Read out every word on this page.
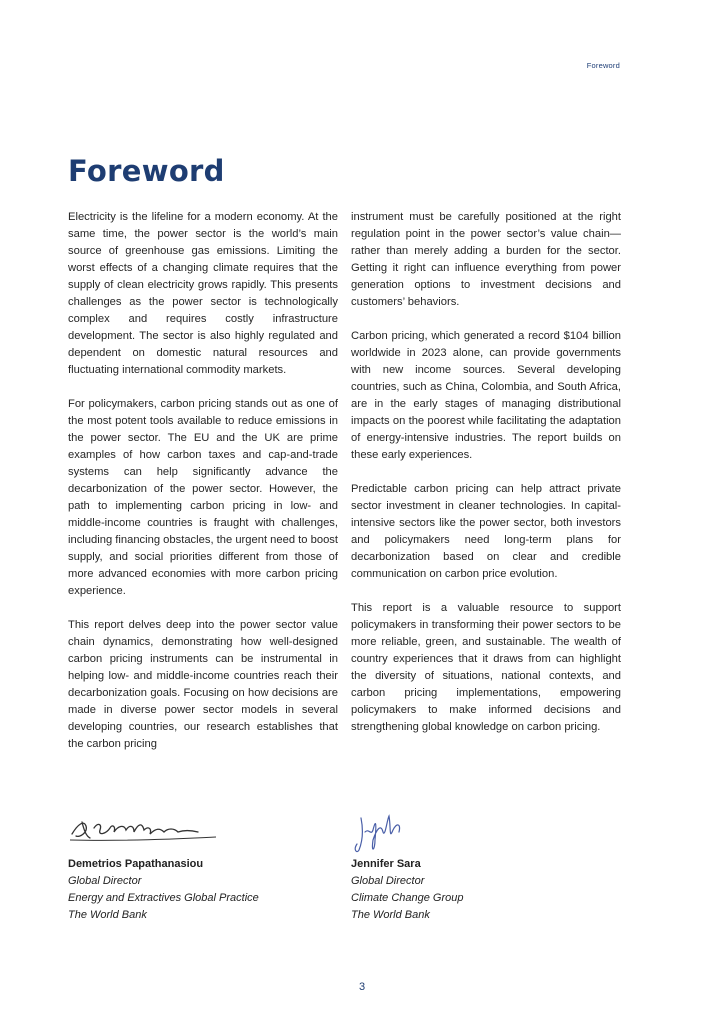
Foreword
Foreword

Electricity is the lifeline for a modern economy. At the same time, the power sector is the world’s main source of greenhouse gas emissions. Limiting the worst effects of a changing climate requires that the supply of clean electricity grows rapidly. This presents challenges as the power sector is technologically complex and requires costly infrastructure development. The sector is also highly regulated and dependent on domestic natural resources and fluctuating international commodity markets.

For policymakers, carbon pricing stands out as one of the most potent tools available to reduce emissions in the power sector. The EU and the UK are prime examples of how carbon taxes and cap-and-trade systems can help significantly advance the decarbonization of the power sector. However, the path to implementing carbon pricing in low- and middle-income countries is fraught with challenges, including financing obstacles, the urgent need to boost supply, and social priorities different from those of more advanced economies with more carbon pricing experience.

This report delves deep into the power sector value chain dynamics, demonstrating how well-designed carbon pricing instruments can be instrumental in helping low- and middle-income countries reach their decarbonization goals. Focusing on how decisions are made in diverse power sector models in several developing countries, our research establishes that the carbon pricing

instrument must be carefully positioned at the right regulation point in the power sector’s value chain—rather than merely adding a burden for the sector. Getting it right can influence everything from power generation options to investment decisions and customers’ behaviors.

Carbon pricing, which generated a record $104 billion worldwide in 2023 alone, can provide governments with new income sources. Several developing countries, such as China, Colombia, and South Africa, are in the early stages of managing distributional impacts on the poorest while facilitating the adaptation of energy-intensive industries. The report builds on these early experiences.

Predictable carbon pricing can help attract private sector investment in cleaner technologies. In capital-intensive sectors like the power sector, both investors and policymakers need long-term plans for decarbonization based on clear and credible communication on carbon price evolution.

This report is a valuable resource to support policymakers in transforming their power sectors to be more reliable, green, and sustainable. The wealth of country experiences that it draws from can highlight the diversity of situations, national contexts, and carbon pricing implementations, empowering policymakers to make informed decisions and strengthening global knowledge on carbon pricing.

Demetrios Papathanasiou
Global Director
Energy and Extractives Global Practice
The World Bank
Jennifer Sara
Global Director
Climate Change Group
The World Bank
3
